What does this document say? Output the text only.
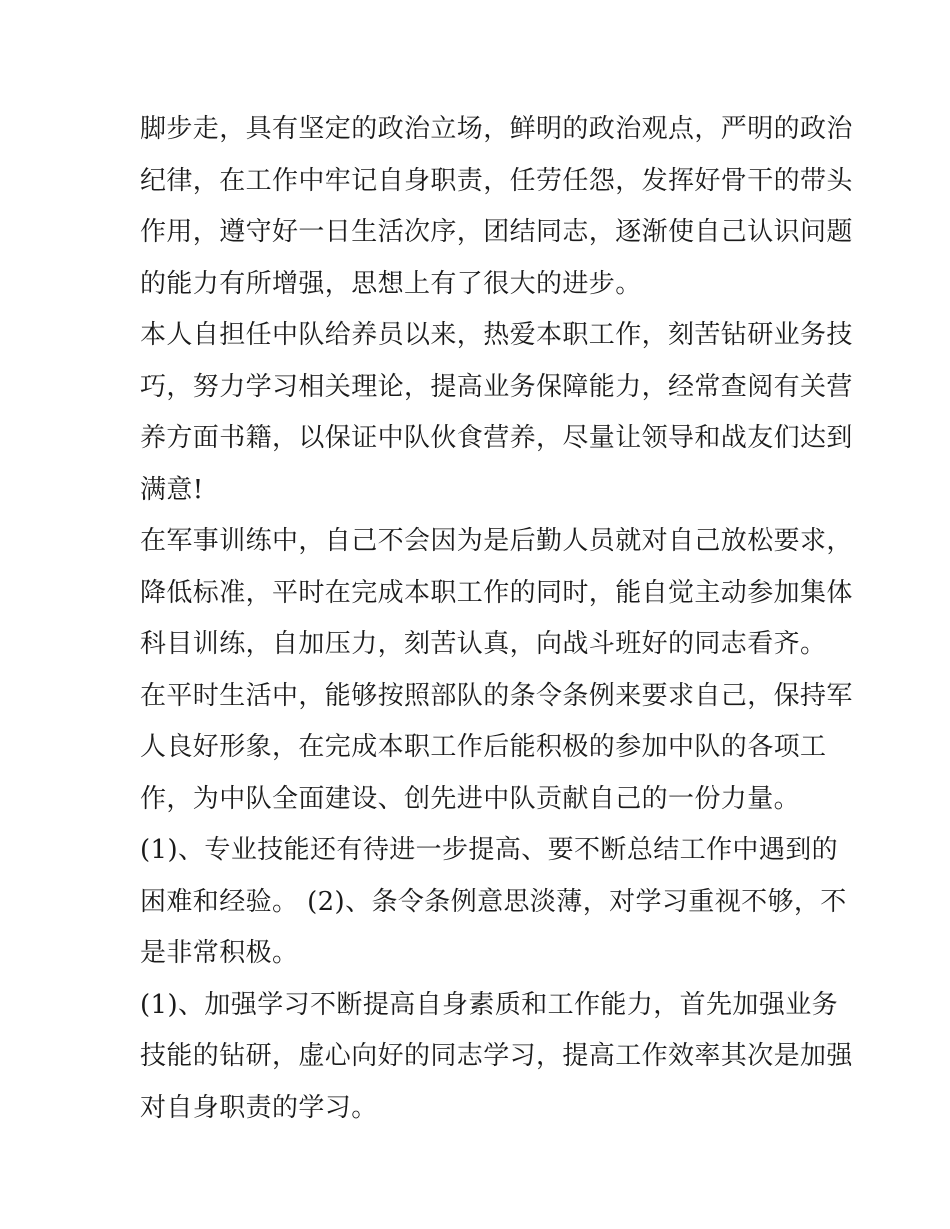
脚步走，具有坚定的政治立场，鲜明的政治观点，严明的政治
纪律，在工作中牢记自身职责，任劳任怨，发挥好骨干的带头
作用，遵守好一日生活次序，团结同志，逐渐使自己认识问题
的能力有所增强，思想上有了很大的进步。
本人自担任中队给养员以来，热爱本职工作，刻苦钻研业务技
巧，努力学习相关理论，提高业务保障能力，经常查阅有关营
养方面书籍，以保证中队伙食营养，尽量让领导和战友们达到
满意!
在军事训练中，自己不会因为是后勤人员就对自己放松要求，
降低标准，平时在完成本职工作的同时，能自觉主动参加集体
科目训练，自加压力，刻苦认真，向战斗班好的同志看齐。
在平时生活中，能够按照部队的条令条例来要求自己，保持军
人良好形象，在完成本职工作后能积极的参加中队的各项工
作，为中队全面建设、创先进中队贡献自己的一份力量。
(1)、专业技能还有待进一步提高、要不断总结工作中遇到的
困难和经验。 (2)、条令条例意思淡薄，对学习重视不够，不
是非常积极。
(1)、加强学习不断提高自身素质和工作能力，首先加强业务
技能的钻研，虚心向好的同志学习，提高工作效率其次是加强
对自身职责的学习。
